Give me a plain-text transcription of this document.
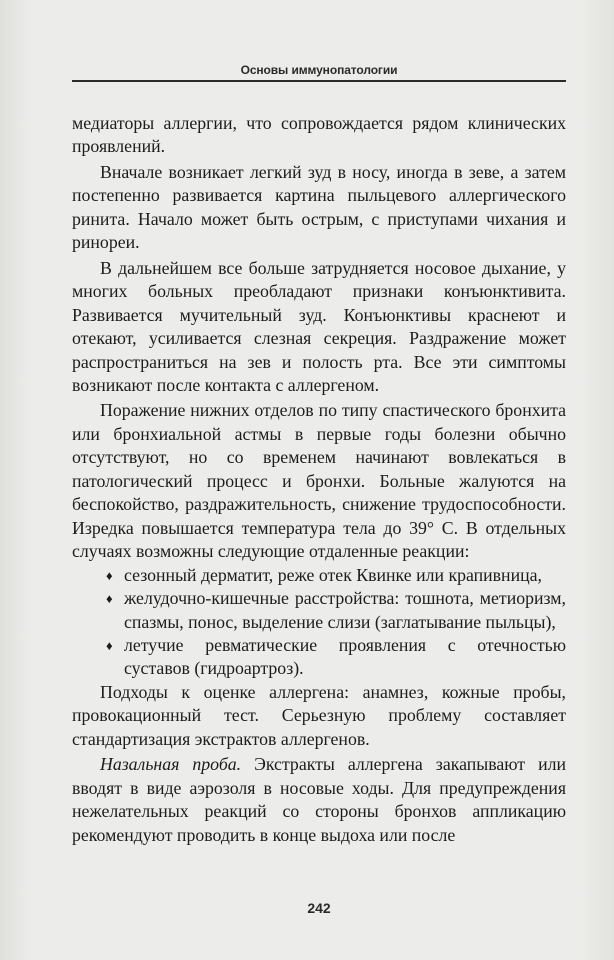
Основы иммунопатологии

медиаторы аллергии, что сопровождается рядом клинических проявлений.

Вначале возникает легкий зуд в носу, иногда в зеве, а затем постепенно развивается картина пыльцевого аллергического ринита. Начало может быть острым, с приступами чихания и ринореи.

В дальнейшем все больше затрудняется носовое дыхание, у многих больных преобладают признаки конъюнктивита. Развивается мучительный зуд. Конъюнктивы краснеют и отекают, усиливается слезная секреция. Раздражение может распространиться на зев и полость рта. Все эти симптомы возникают после контакта с аллергеном.

Поражение нижних отделов по типу спастического бронхита или бронхиальной астмы в первые годы болезни обычно отсутствуют, но со временем начинают вовлекаться в патологический процесс и бронхи. Больные жалуются на беспокойство, раздражительность, снижение трудоспособности. Изредка повышается температура тела до 39° С. В отдельных случаях возможны следующие отдаленные реакции:

♦ сезонный дерматит, реже отек Квинке или крапивница,
♦ желудочно-кишечные расстройства: тошнота, метиоризм, спазмы, понос, выделение слизи (заглатывание пыльцы),
♦ летучие ревматические проявления с отечностью суставов (гидроартроз).

Подходы к оценке аллергена: анамнез, кожные пробы, провокационный тест. Серьезную проблему составляет стандартизация экстрактов аллергенов.

Назальная проба. Экстракты аллергена закапывают или вводят в виде аэрозоля в носовые ходы. Для предупреждения нежелательных реакций со стороны бронхов аппликацию рекомендуют проводить в конце выдоха или после

242
